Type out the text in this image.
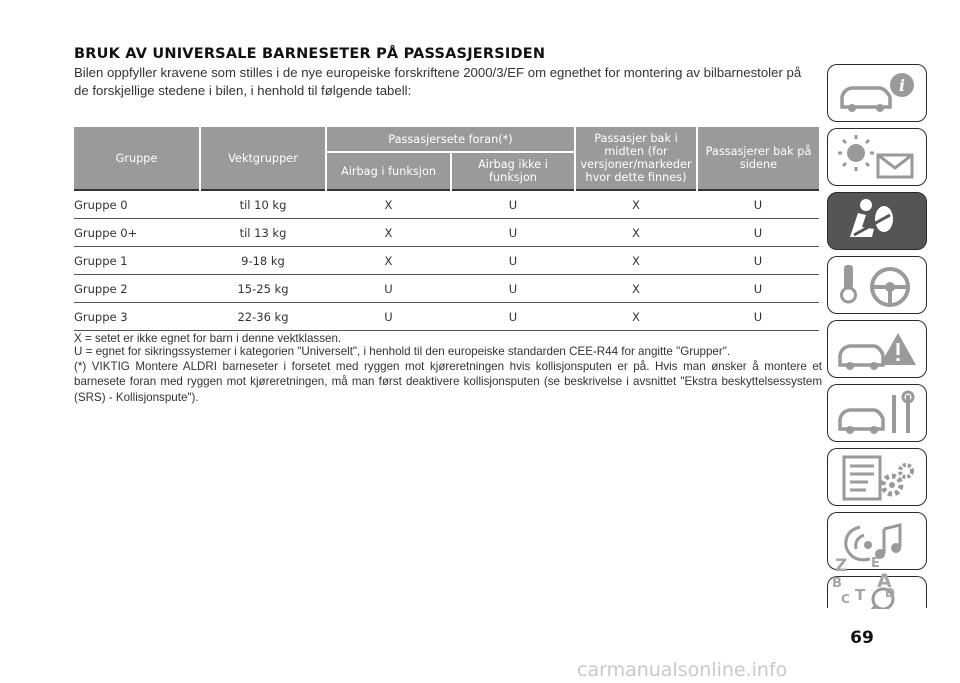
BRUK AV UNIVERSALE BARNESETER PÅ PASSASJERSIDEN
Bilen oppfyller kravene som stilles i de nye europeiske forskriftene 2000/3/EF om egnethet for montering av bilbarnestoler på de forskjellige stedene i bilen, i henhold til følgende tabell:
Gruppe	Vektgrupper	Passasjersete foran(*)		Passasjer bak i midten (for versjoner/markeder hvor dette finnes)	Passasjerer bak på sidene
		Airbag i funksjon	Airbag ikke i funksjon		
Gruppe 0	til 10 kg	X	U	X	U
Gruppe 0+	til 13 kg	X	U	X	U
Gruppe 1	9-18 kg	X	U	X	U
Gruppe 2	15-25 kg	U	U	X	U
Gruppe 3	22-36 kg	U	U	X	U
X = setet er ikke egnet for barn i denne vektklassen.
U = egnet for sikringssystemer i kategorien "Universelt", i henhold til den europeiske standarden CEE-R44 for angitte "Grupper".
(*) VIKTIG Montere ALDRI barneseter i forsetet med ryggen mot kjøreretningen hvis kollisjonsputen er på. Hvis man ønsker å montere et barnesete foran med ryggen mot kjøreretningen, må man først deaktivere kollisjonsputen (se beskrivelse i avsnittet "Ekstra beskyttelsessystem (SRS) - Kollisjonspute").
i
Z E
B A
C T D
69
carmanualsonline.info
